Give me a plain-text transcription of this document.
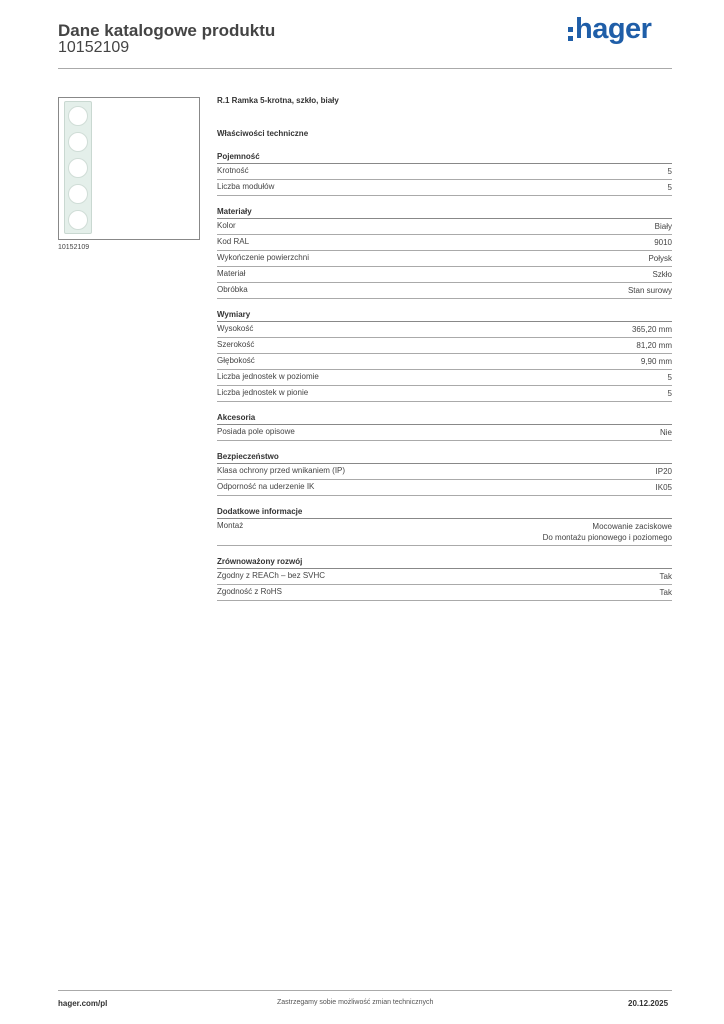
Dane katalogowe produktu
10152109
hager
10152109
R.1 Ramka 5-krotna, szkło, biały
Właściwości techniczne
Pojemność
Krotność	5
Liczba modułów	5
Materiały
Kolor	Biały
Kod RAL	9010
Wykończenie powierzchni	Połysk
Materiał	Szkło
Obróbka	Stan surowy
Wymiary
Wysokość	365,20 mm
Szerokość	81,20 mm
Głębokość	9,90 mm
Liczba jednostek w poziomie	5
Liczba jednostek w pionie	5
Akcesoria
Posiada pole opisowe	Nie
Bezpieczeństwo
Klasa ochrony przed wnikaniem (IP)	IP20
Odporność na uderzenie IK	IK05
Dodatkowe informacje
Montaż	Mocowanie zaciskowe
Do montażu pionowego i poziomego
Zrównoważony rozwój
Zgodny z REACh – bez SVHC	Tak
Zgodność z RoHS	Tak
hager.com/pl	Zastrzegamy sobie możliwość zmian technicznych	20.12.2025
